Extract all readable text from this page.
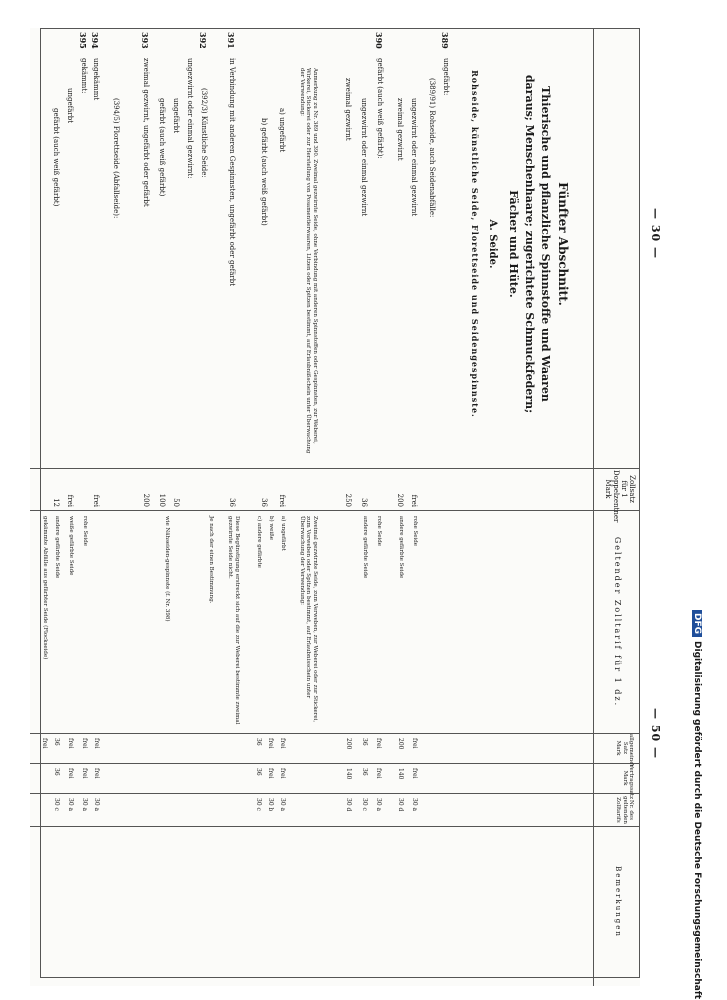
— 30 —
— 50 —
Zollsatz für 1 Doppelzentner Mark
Geltender Zolltarif für 1 dz.
allgemeiner Satz Mark
Vertragssatz Mark
Nr. des geltenden Zolltarifs
Bemerkungen
Fünfter Abschnitt.
Thierische und pflanzliche Spinnstoffe und Waaren
daraus; Menschenhaare; zugerichtete Schmuckfedern;
Fächer und Hüte.
A. Seide.
Rohseide, künstliche Seide, Florettseide und Seidengespinnste.
389
ungefärbt:
(389/91) Rohseide, auch Seidenabfälle:
ungezwirnt oder einmal gezwirnt
frei
zweimal gezwirnt
200
390
gefärbt (auch weiß gefärbt):
ungezwirnt oder einmal gezwirnt
36
zweimal gezwirnt
250
a) ungefärbt
frei
b) gefärbt (auch weiß gefärbt)
36
391
in Verbindung mit anderen Gespinnsten, ungefärbt oder gefärbt
36
392
(392/3) Künstliche Seide:
ungezwirnt oder einmal gezwirnt:
ungefärbt
50
gefärbt (auch weiß gefärbt)
100
393
zweimal gezwirnt, ungefärbt oder gefärbt
200
(394/5) Florettseide (Abfallseide):
394
ungekämmt
frei
395
gekämmt:
ungefärbt
frei
gefärbt (auch weiß gefärbt)
12
Anmerkung zu Nr. 389 und 390. Zweimal gezwirnte Seide, ohne Verbindung mit anderen Spinnstoffen oder Gespinnsten, zur Weberei, Wirkerei, Stickerei oder zur Herstellung von Posamentierwaaren, Litzen oder Spitzen bestimmt, auf Erlaubnißschein unter Überwachung der Verwendung:
rohe Seide
frei
frei
30 a
andere gefärbte Seide
200
140
30 d
rohe Seide
frei
frei
30 a
andere gefärbte Seide
36
36
30 c
200
140
30 d
Zweimal gezwirnte Seide, zum Verweben, zur Weberei oder zur Stickerei, zum Vorweben oder Spitzen bestimmt, auf Erlaubnisschein unter Überwachung der Verwendung:
a) ungefärbt
frei
frei
30 a
b) weiße
frei
frei
30 b
c) andere gefärbte
36
36
30 c
Diese Begünstigung erstreckt sich auf die zur Weberei bestimmte zweimal gezwirnte Seide nicht.
Je nach der einen Bestimmung.
wie Nähseiden-gespinnste (f. Nr. 398)
frei
frei
30 a
rohe Seide
frei
frei
30 a
weiße gefärbte Seide
frei
frei
30 a
andere gefärbte Seide
36
36
30 c
gekämmte Abfälle aus gefärbter Seide (Flockseide)
frei
DFGDigitalisierung gefördert durch die Deutsche Forschungsgemeinschaft
